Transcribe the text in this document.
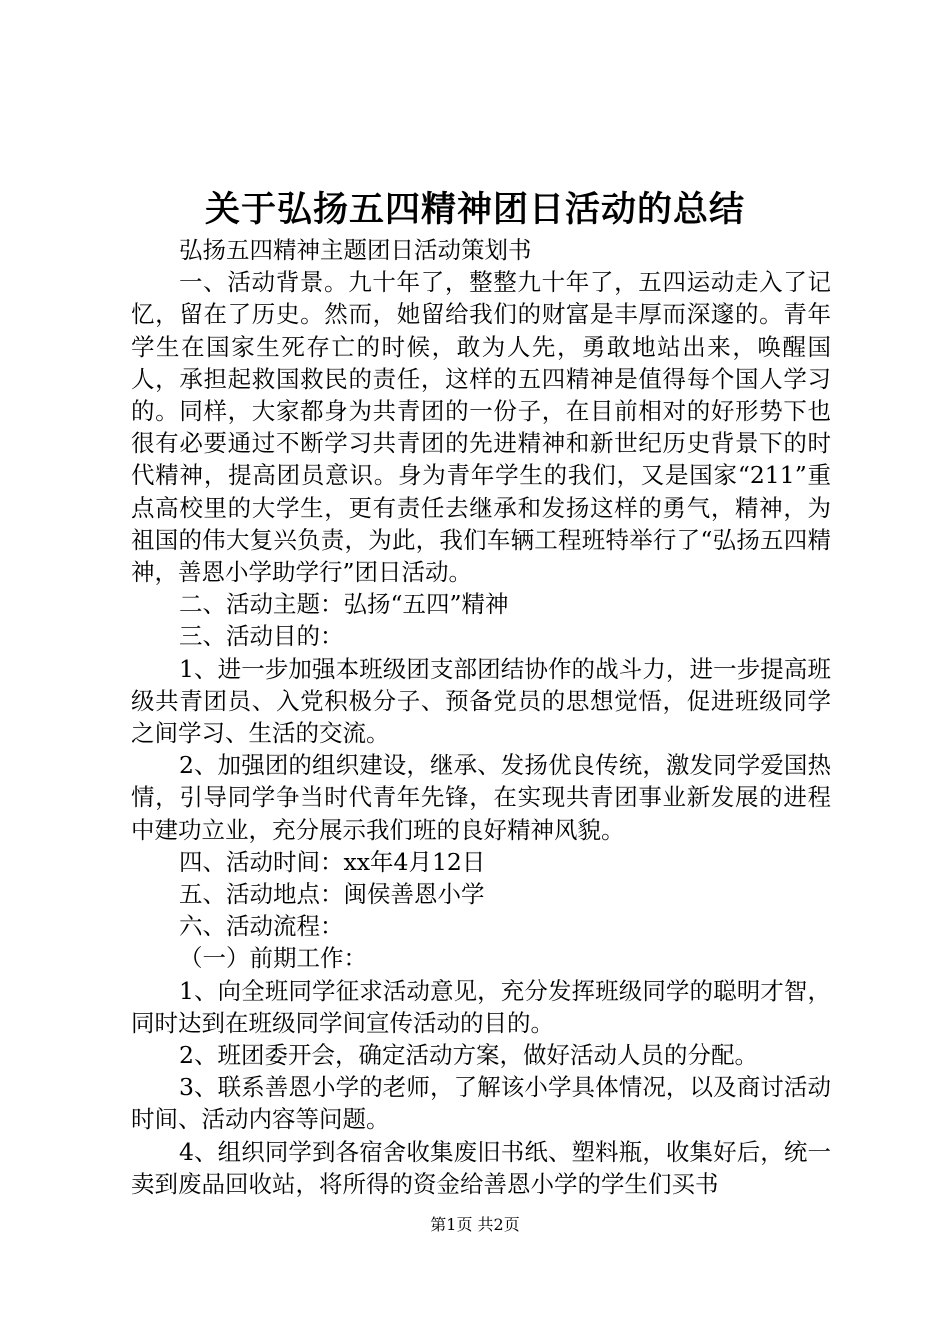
关于弘扬五四精神团日活动的总结

弘扬五四精神主题团日活动策划书

一、活动背景。九十年了，整整九十年了，五四运动走入了记忆，留在了历史。然而，她留给我们的财富是丰厚而深邃的。青年学生在国家生死存亡的时候，敢为人先，勇敢地站出来，唤醒国人，承担起救国救民的责任，这样的五四精神是值得每个国人学习的。同样，大家都身为共青团的一份子，在目前相对的好形势下也很有必要通过不断学习共青团的先进精神和新世纪历史背景下的时代精神，提高团员意识。身为青年学生的我们，又是国家“211”重点高校里的大学生，更有责任去继承和发扬这样的勇气，精神，为祖国的伟大复兴负责，为此，我们车辆工程班特举行了“弘扬五四精神，善恩小学助学行”团日活动。

二、活动主题：弘扬“五四”精神

三、活动目的：

1、进一步加强本班级团支部团结协作的战斗力，进一步提高班级共青团员、入党积极分子、预备党员的思想觉悟，促进班级同学之间学习、生活的交流。

2、加强团的组织建设，继承、发扬优良传统，激发同学爱国热情，引导同学争当时代青年先锋，在实现共青团事业新发展的进程中建功立业，充分展示我们班的良好精神风貌。

四、活动时间：xx年4月12日

五、活动地点：闽侯善恩小学

六、活动流程：

（一）前期工作：

1、向全班同学征求活动意见，充分发挥班级同学的聪明才智，同时达到在班级同学间宣传活动的目的。

2、班团委开会，确定活动方案，做好活动人员的分配。

3、联系善恩小学的老师，了解该小学具体情况，以及商讨活动时间、活动内容等问题。

4、组织同学到各宿舍收集废旧书纸、塑料瓶，收集好后，统一卖到废品回收站，将所得的资金给善恩小学的学生们买书

第1页 共2页
